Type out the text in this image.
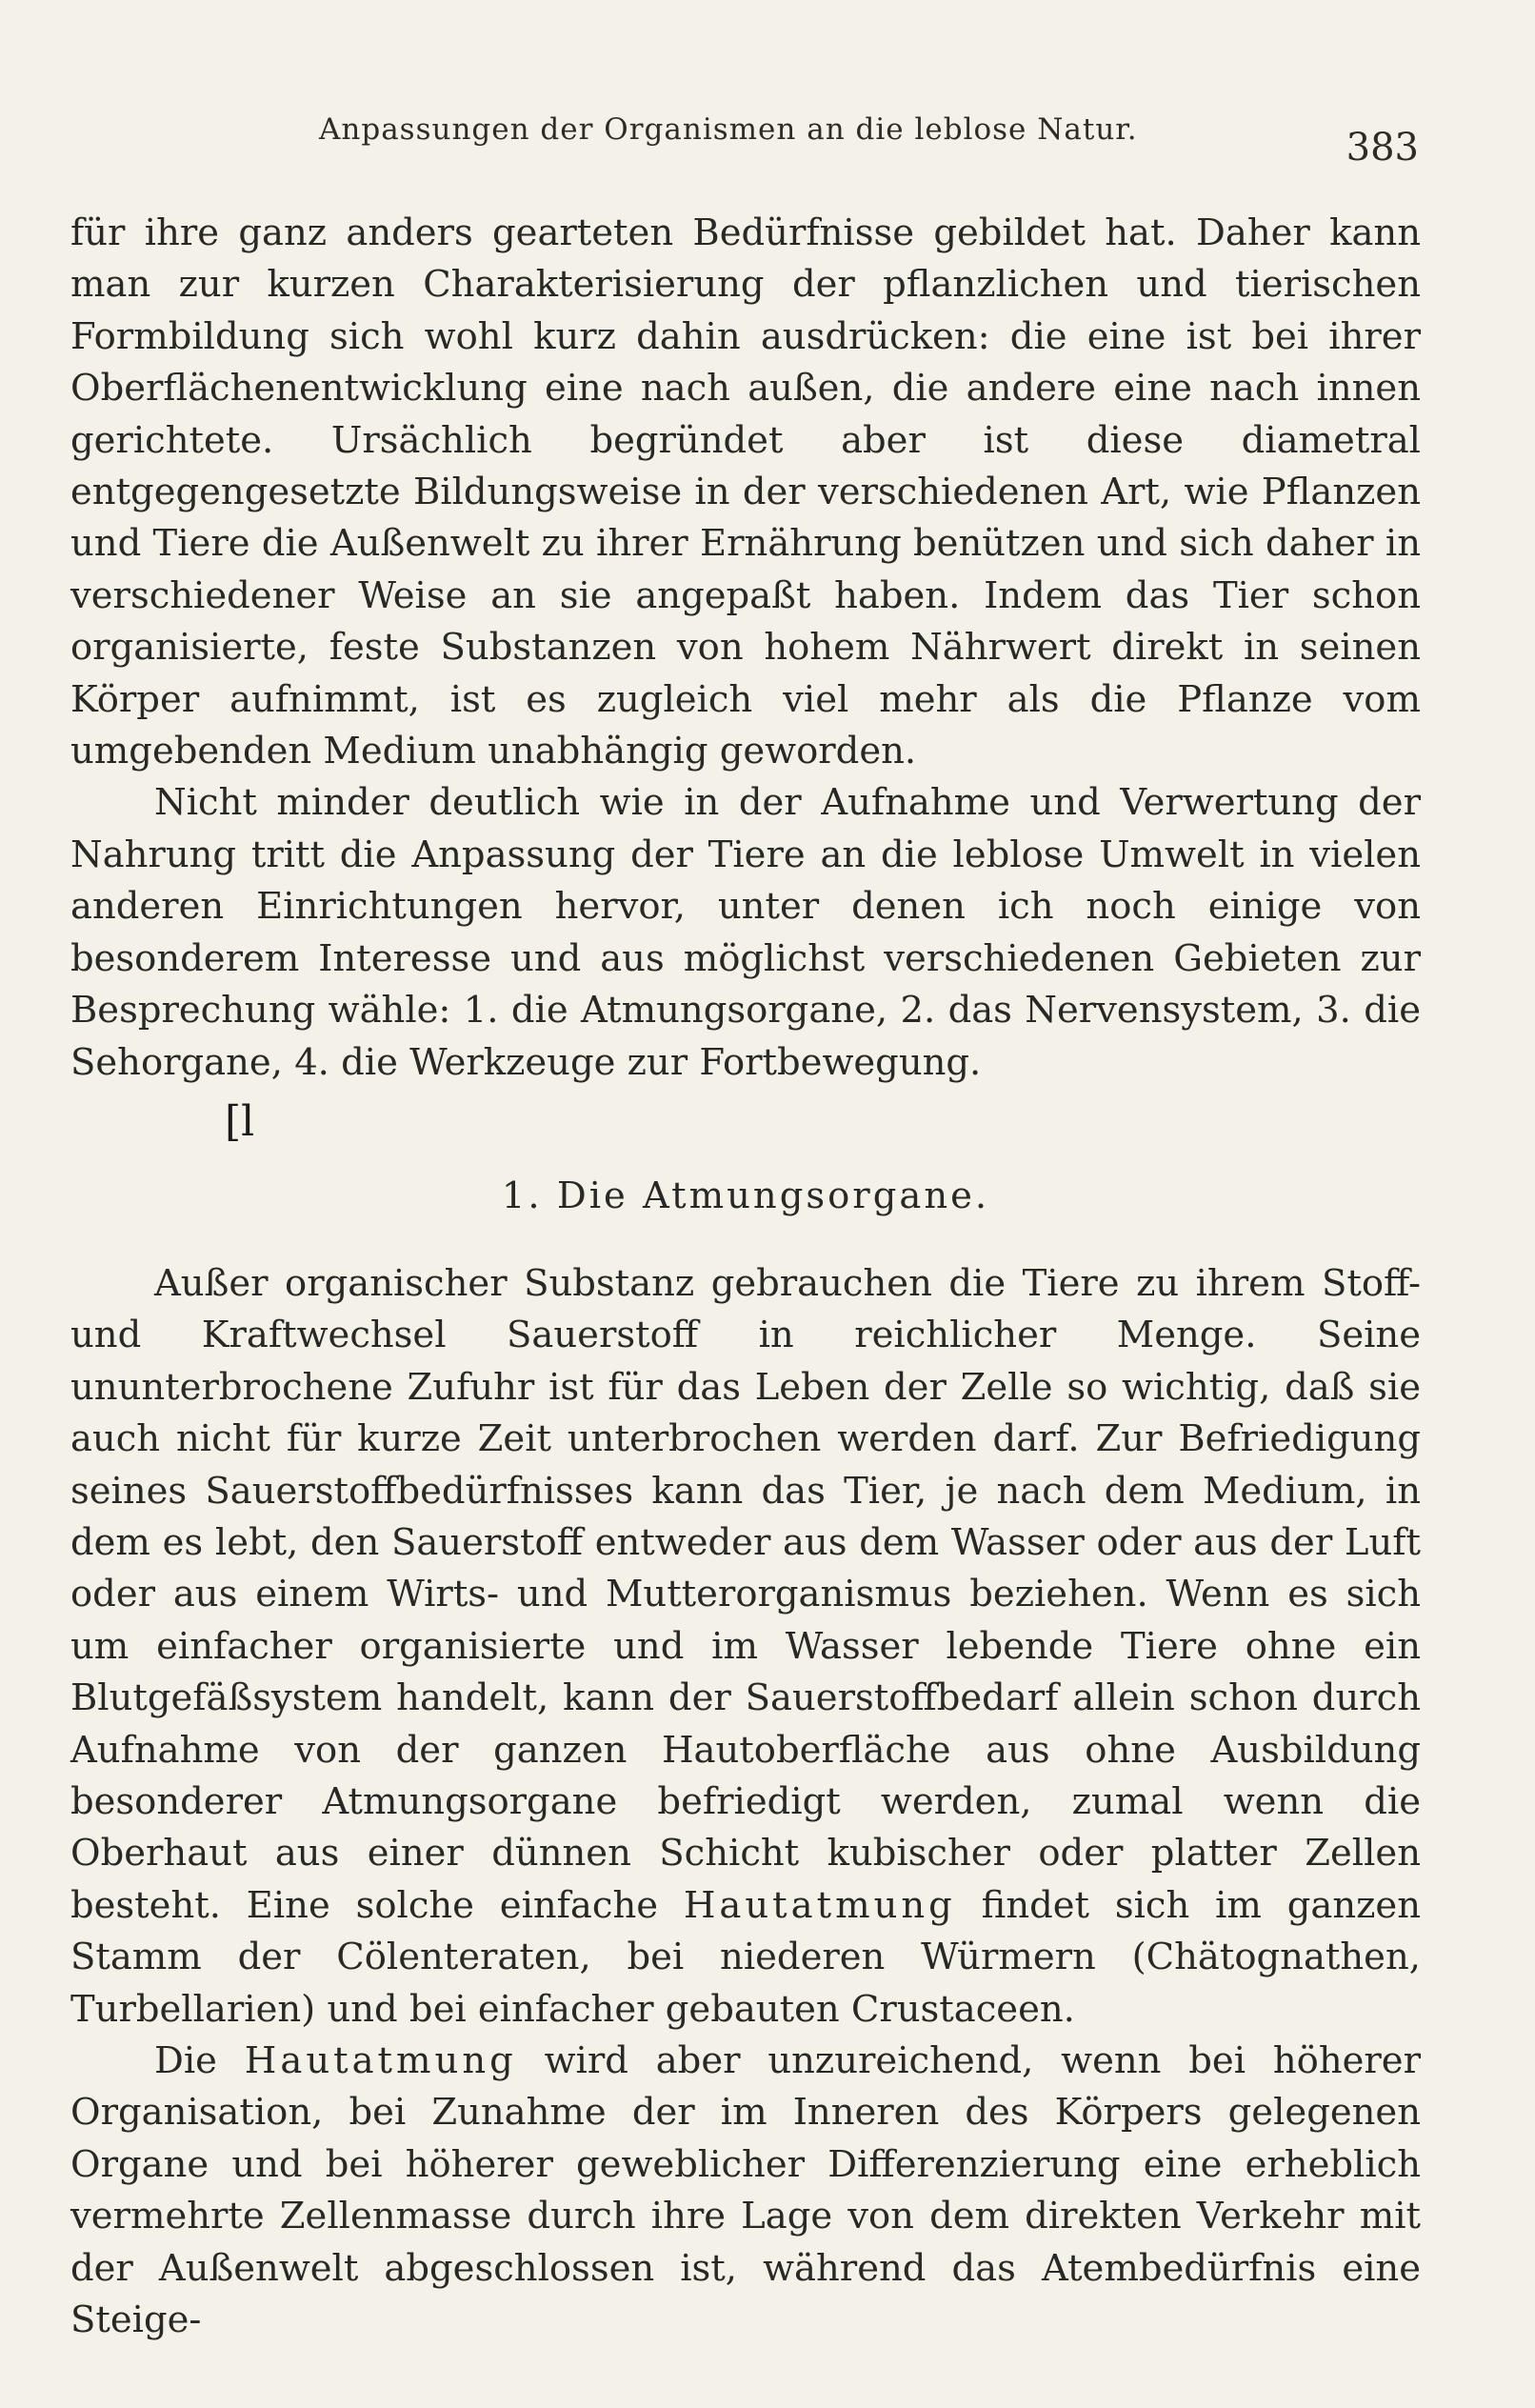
Anpassungen der Organismen an die leblose Natur.	383

für ihre ganz anders gearteten Bedürfnisse gebildet hat. Daher kann man zur kurzen Charakterisierung der pflanzlichen und tierischen Formbildung sich wohl kurz dahin ausdrücken: die eine ist bei ihrer Oberflächenentwicklung eine nach außen, die andere eine nach innen gerichtete. Ursächlich begründet aber ist diese diametral entgegengesetzte Bildungsweise in der verschiedenen Art, wie Pflanzen und Tiere die Außenwelt zu ihrer Ernährung benützen und sich daher in verschiedener Weise an sie angepaßt haben. Indem das Tier schon organisierte, feste Substanzen von hohem Nährwert direkt in seinen Körper aufnimmt, ist es zugleich viel mehr als die Pflanze vom umgebenden Medium unabhängig geworden.

Nicht minder deutlich wie in der Aufnahme und Verwertung der Nahrung tritt die Anpassung der Tiere an die leblose Umwelt in vielen anderen Einrichtungen hervor, unter denen ich noch einige von besonderem Interesse und aus möglichst verschiedenen Gebieten zur Besprechung wähle: 1. die Atmungsorgane, 2. das Nervensystem, 3. die Sehorgane, 4. die Werkzeuge zur Fortbewegung.

[l
1. Die Atmungsorgane.

Außer organischer Substanz gebrauchen die Tiere zu ihrem Stoff- und Kraftwechsel Sauerstoff in reichlicher Menge. Seine ununterbrochene Zufuhr ist für das Leben der Zelle so wichtig, daß sie auch nicht für kurze Zeit unterbrochen werden darf. Zur Befriedigung seines Sauerstoffbedürfnisses kann das Tier, je nach dem Medium, in dem es lebt, den Sauerstoff entweder aus dem Wasser oder aus der Luft oder aus einem Wirts- und Mutterorganismus beziehen. Wenn es sich um einfacher organisierte und im Wasser lebende Tiere ohne ein Blutgefäßsystem handelt, kann der Sauerstoffbedarf allein schon durch Aufnahme von der ganzen Hautoberfläche aus ohne Ausbildung besonderer Atmungsorgane befriedigt werden, zumal wenn die Oberhaut aus einer dünnen Schicht kubischer oder platter Zellen besteht. Eine solche einfache Hautatmung findet sich im ganzen Stamm der Cölenteraten, bei niederen Würmern (Chätognathen, Turbellarien) und bei einfacher gebauten Crustaceen.

Die Hautatmung wird aber unzureichend, wenn bei höherer Organisation, bei Zunahme der im Inneren des Körpers gelegenen Organe und bei höherer geweblicher Differenzierung eine erheblich vermehrte Zellenmasse durch ihre Lage von dem direkten Verkehr mit der Außenwelt abgeschlossen ist, während das Atembedürfnis eine Steige-
